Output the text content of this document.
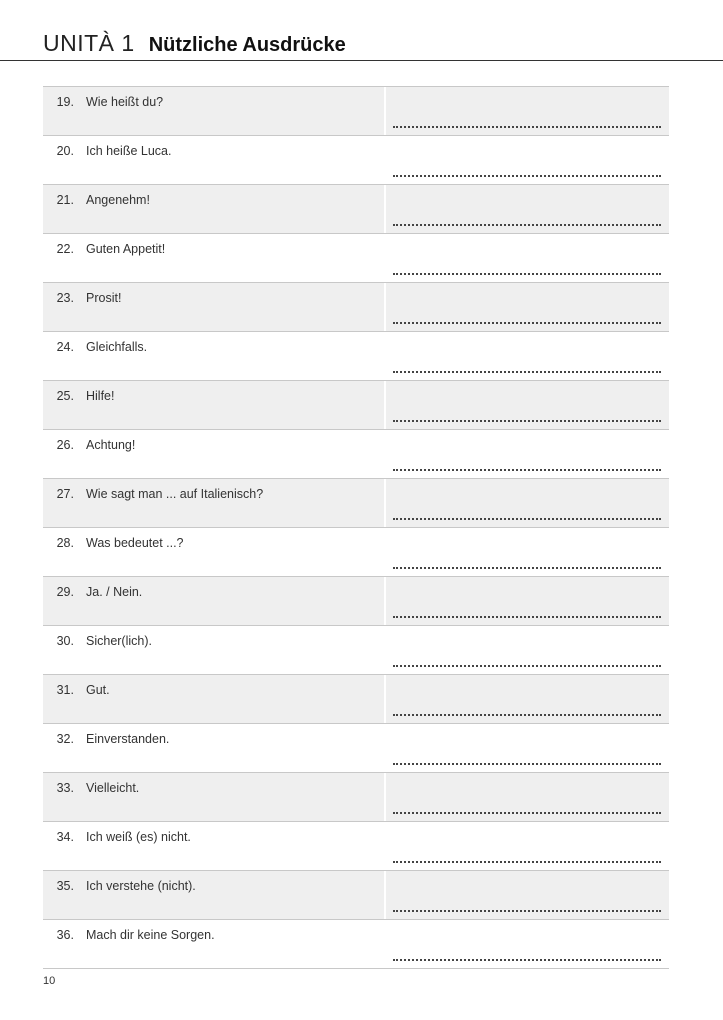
UNITÀ 1 Nützliche Ausdrücke
19. Wie heißt du?
20. Ich heiße Luca.
21. Angenehm!
22. Guten Appetit!
23. Prosit!
24. Gleichfalls.
25. Hilfe!
26. Achtung!
27. Wie sagt man ... auf Italienisch?
28. Was bedeutet ...?
29. Ja. / Nein.
30. Sicher(lich).
31. Gut.
32. Einverstanden.
33. Vielleicht.
34. Ich weiß (es) nicht.
35. Ich verstehe (nicht).
36. Mach dir keine Sorgen.
10
